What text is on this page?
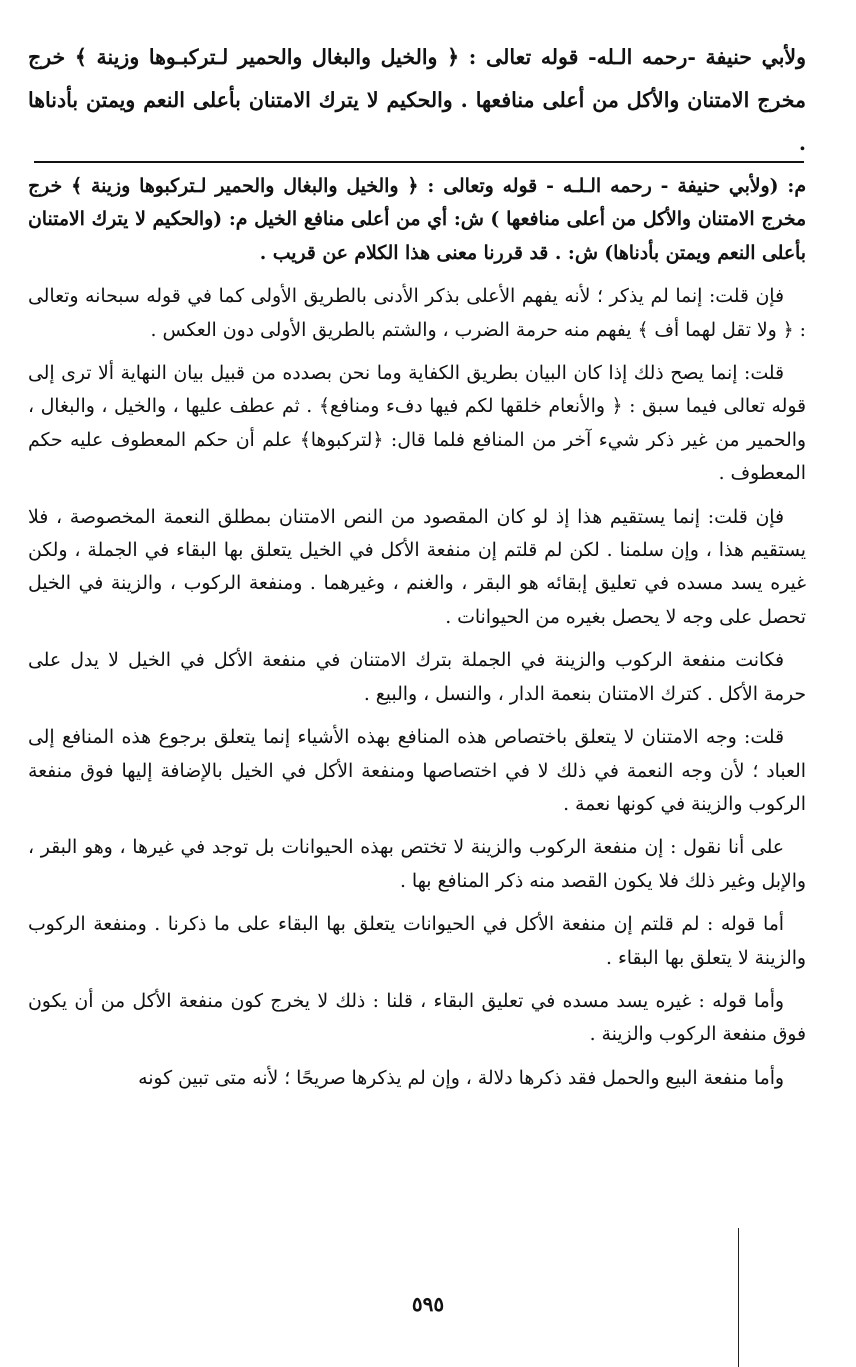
ولأبي حنيفة -رحمه الـله- قوله تعالى : ﴿ والخيل والبغال والحمير لـتركبـوها وزينة ﴾ خرج مخرج الامتنان والأكل من أعلى منافعها . والحكيم لا يترك الامتنان بأعلى النعم ويمتن بأدناها .

م: (ولأبي حنيفة - رحمه الـلـه - قوله وتعالى : ﴿ والخيل والبغال والحمير لـتركبوها وزينة ﴾ خرج مخرج الامتنان والأكل من أعلى منافعها ) ش: أي من أعلى منافع الخيل م: (والحكيم لا يترك الامتنان بأعلى النعم ويمتن بأدناها) ش: . قد قررنا معنى هذا الكلام عن قريب .

فإن قلت: إنما لم يذكر ؛ لأنه يفهم الأعلى بذكر الأدنى بالطريق الأولى كما في قوله سبحانه وتعالى : ﴿ ولا تقل لهما أف ﴾ يفهم منه حرمة الضرب ، والشتم بالطريق الأولى دون العكس .

قلت: إنما يصح ذلك إذا كان البيان بطريق الكفاية وما نحن بصدده من قبيل بيان النهاية ألا ترى إلى قوله تعالى فيما سبق : ﴿ والأنعام خلقها لكم فيها دفء ومنافع﴾ . ثم عطف عليها ، والخيل ، والبغال ، والحمير من غير ذكر شيء آخر من المنافع فلما قال: ﴿لتركبوها﴾ علم أن حكم المعطوف عليه حكم المعطوف .

فإن قلت: إنما يستقيم هذا إذ لو كان المقصود من النص الامتنان بمطلق النعمة المخصوصة ، فلا يستقيم هذا ، وإن سلمنا . لكن لم قلتم إن منفعة الأكل في الخيل يتعلق بها البقاء في الجملة ، ولكن غيره يسد مسده في تعليق إبقائه هو البقر ، والغنم ، وغيرهما . ومنفعة الركوب ، والزينة في الخيل تحصل على وجه لا يحصل بغيره من الحيوانات .

فكانت منفعة الركوب والزينة في الجملة بترك الامتنان في منفعة الأكل في الخيل لا يدل على حرمة الأكل . كترك الامتنان بنعمة الدار ، والنسل ، والبيع .

قلت: وجه الامتنان لا يتعلق باختصاص هذه المنافع بهذه الأشياء إنما يتعلق برجوع هذه المنافع إلى العباد ؛ لأن وجه النعمة في ذلك لا في اختصاصها ومنفعة الأكل في الخيل بالإضافة إليها فوق منفعة الركوب والزينة في كونها نعمة .

على أنا نقول : إن منفعة الركوب والزينة لا تختص بهذه الحيوانات بل توجد في غيرها ، وهو البقر ، والإبل وغير ذلك فلا يكون القصد منه ذكر المنافع بها .

أما قوله : لم قلتم إن منفعة الأكل في الحيوانات يتعلق بها البقاء على ما ذكرنا . ومنفعة الركوب والزينة لا يتعلق بها البقاء .

وأما قوله : غيره يسد مسده في تعليق البقاء ، قلنا : ذلك لا يخرج كون منفعة الأكل من أن يكون فوق منفعة الركوب والزينة .

وأما منفعة البيع والحمل فقد ذكرها دلالة ، وإن لم يذكرها صريحًا ؛ لأنه متى تبين كونه

٥٩٥
